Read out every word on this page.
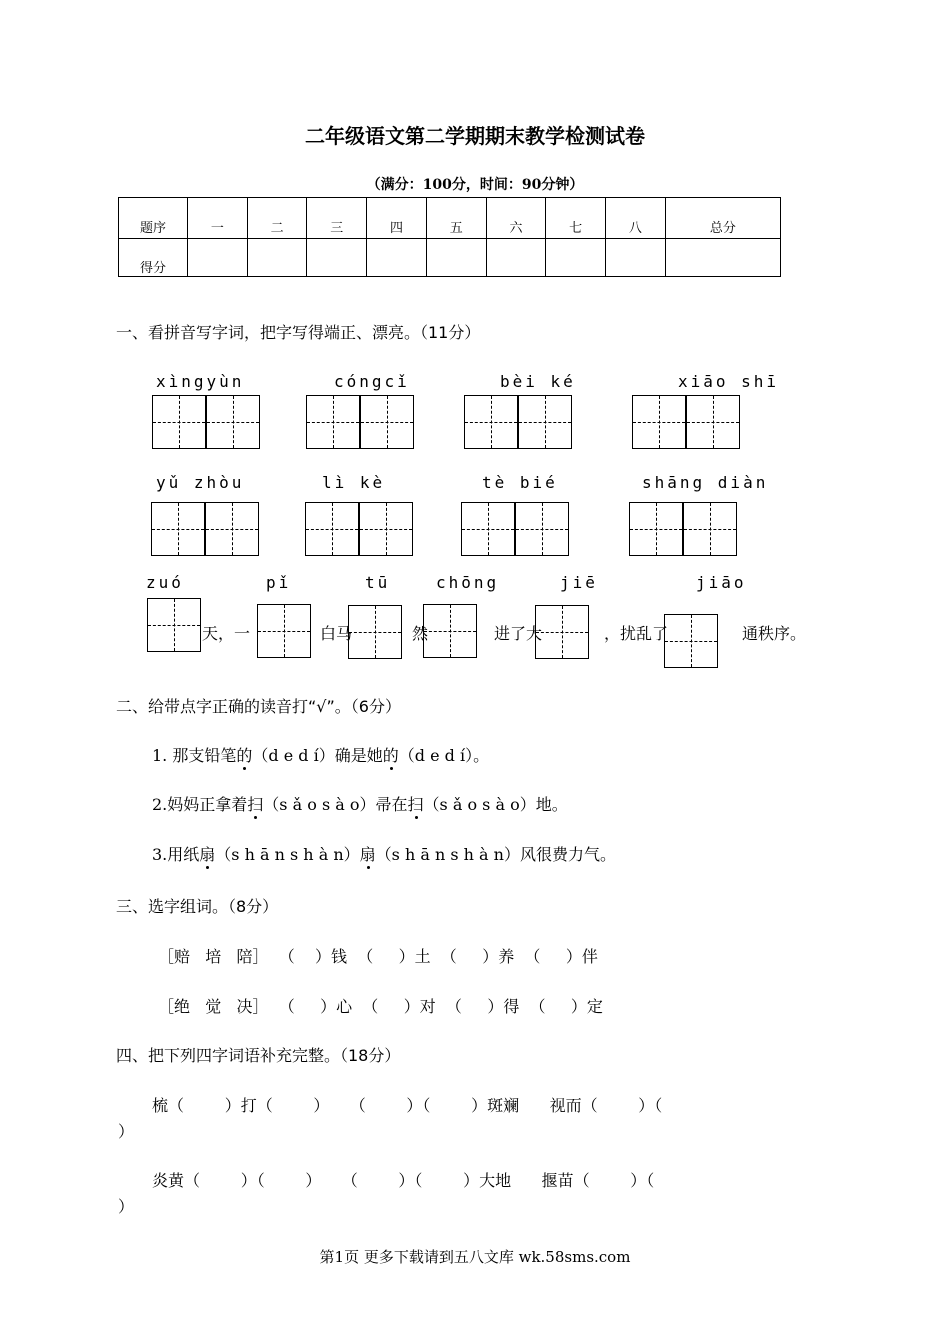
二年级语文第二学期期末教学检测试卷
（满分：100分，时间：90分钟）
题序	一	二	三	四	五	六	七	八	总分
得分									
一、看拼音写字词，把字写得端正、漂亮。（11分）
xìngyùn	cóngcǐ	bèi ké	xiāo shī
yǔ zhòu	lì kè	tè bié	shāng diàn
zuó	pǐ	tū	chōng	jiē	jiāo
天，一	白马	然	进了大	，扰乱了	通秩序。
二、给带点字正确的读音打“√”。（6分）
1. 那支铅笔的（d e d í）确是她的（d e d í）。
2.妈妈正拿着扫（s ǎ o s à o）帚在扫（s ǎ o s à o）地。
3.用纸扇（s h ā n s h à n）扇（s h ā n s h à n）风很费力气。
三、选字组词。（8分）
［赔   培   陪］  （    ）钱  （     ）土  （     ）养  （     ）伴
［绝   觉   决］  （     ）心  （     ）对  （     ）得  （     ）定
四、把下列四字词语补充完整。（18分）
梳（        ）打（        ）    （        ）（        ）斑斓      视而（        ）（
）
炎黄（        ）（        ）    （        ）（        ）大地      揠苗（        ）（
）
第1页 更多下载请到五八文库 wk.58sms.com
